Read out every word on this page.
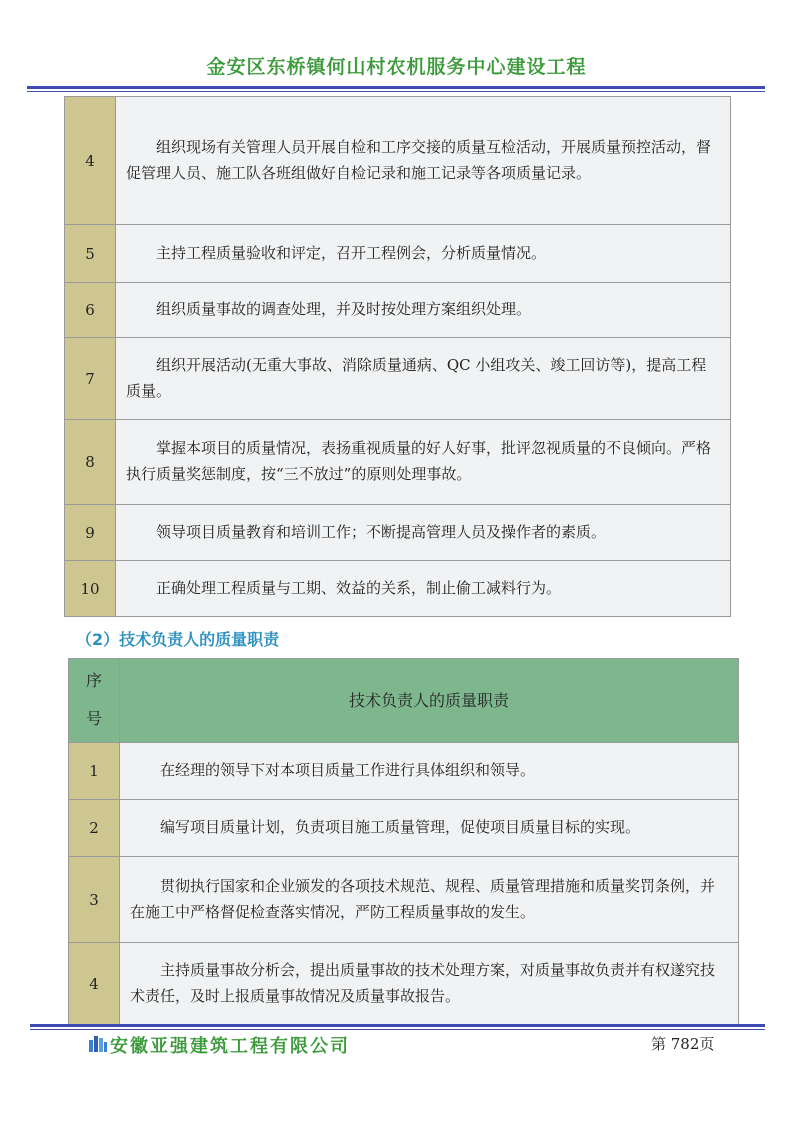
金安区东桥镇何山村农机服务中心建设工程
4	组织现场有关管理人员开展自检和工序交接的质量互检活动，开展质量预控活动，督促管理人员、施工队各班组做好自检记录和施工记录等各项质量记录。
5	主持工程质量验收和评定，召开工程例会，分析质量情况。
6	组织质量事故的调查处理，并及时按处理方案组织处理。
7	组织开展活动(无重大事故、消除质量通病、QC 小组攻关、竣工回访等)，提高工程质量。
8	掌握本项目的质量情况，表扬重视质量的好人好事，批评忽视质量的不良倾向。严格执行质量奖惩制度，按“三不放过”的原则处理事故。
9	领导项目质量教育和培训工作；不断提高管理人员及操作者的素质。
10	正确处理工程质量与工期、效益的关系，制止偷工减料行为。
（2）技术负责人的质量职责
序号	技术负责人的质量职责
1	在经理的领导下对本项目质量工作进行具体组织和领导。
2	编写项目质量计划，负责项目施工质量管理，促使项目质量目标的实现。
3	贯彻执行国家和企业颁发的各项技术规范、规程、质量管理措施和质量奖罚条例，并在施工中严格督促检查落实情况，严防工程质量事故的发生。
4	主持质量事故分析会，提出质量事故的技术处理方案，对质量事故负责并有权遂究技术责任，及时上报质量事故情况及质量事故报告。
安徽亚强建筑工程有限公司	第 782页
